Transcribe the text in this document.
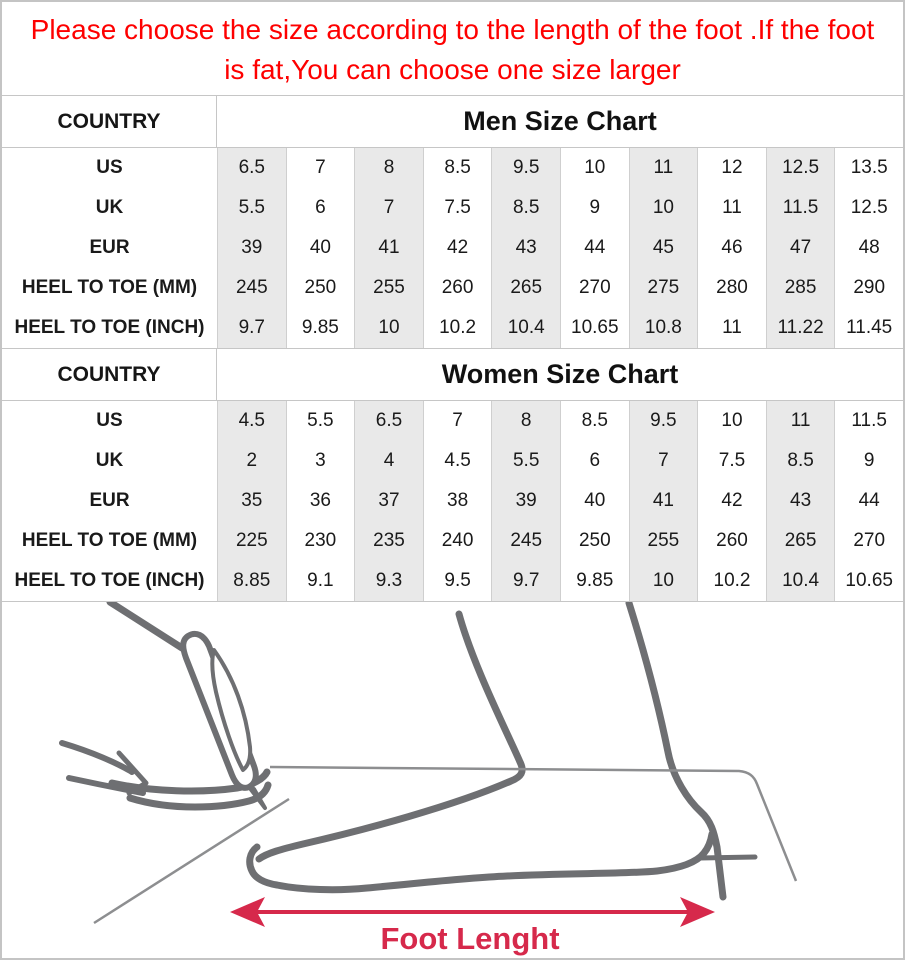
Please choose the size according to the length of the foot .If the foot
is fat,You can choose one size larger
COUNTRY	Men Size Chart
US	6.5	7	8	8.5	9.5	10	11	12	12.5	13.5
UK	5.5	6	7	7.5	8.5	9	10	11	11.5	12.5
EUR	39	40	41	42	43	44	45	46	47	48
HEEL TO TOE (MM)	245	250	255	260	265	270	275	280	285	290
HEEL TO TOE (INCH)	9.7	9.85	10	10.2	10.4	10.65	10.8	11	11.22	11.45
COUNTRY	Women Size Chart
US	4.5	5.5	6.5	7	8	8.5	9.5	10	11	11.5
UK	2	3	4	4.5	5.5	6	7	7.5	8.5	9
EUR	35	36	37	38	39	40	41	42	43	44
HEEL TO TOE (MM)	225	230	235	240	245	250	255	260	265	270
HEEL TO TOE (INCH)	8.85	9.1	9.3	9.5	9.7	9.85	10	10.2	10.4	10.65
Foot Lenght
